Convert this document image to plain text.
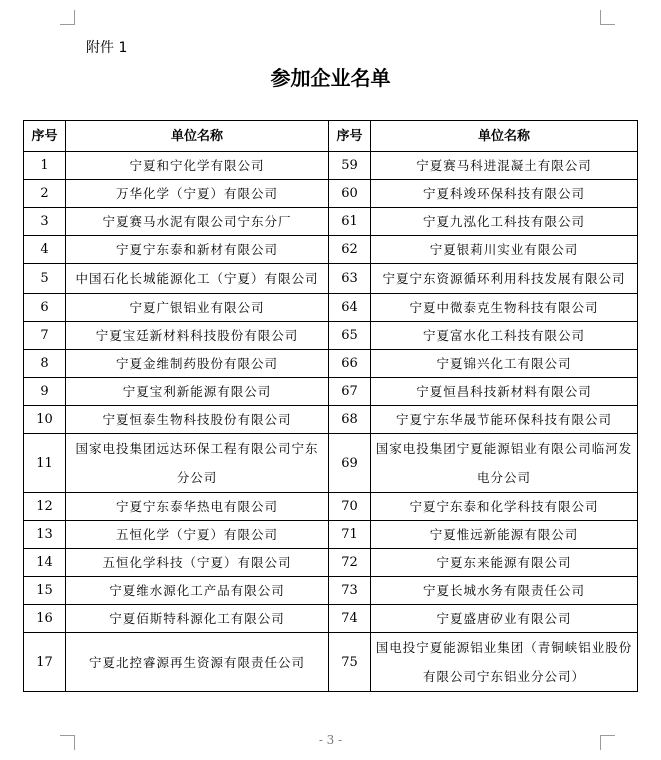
附件 1
参加企业名单
序号	单位名称	序号	单位名称
1	宁夏和宁化学有限公司	59	宁夏赛马科进混凝土有限公司
2	万华化学（宁夏）有限公司	60	宁夏科竣环保科技有限公司
3	宁夏赛马水泥有限公司宁东分厂	61	宁夏九泓化工科技有限公司
4	宁夏宁东泰和新材有限公司	62	宁夏银莉川实业有限公司
5	中国石化长城能源化工（宁夏）有限公司	63	宁夏宁东资源循环利用科技发展有限公司
6	宁夏广银铝业有限公司	64	宁夏中微泰克生物科技有限公司
7	宁夏宝廷新材料科技股份有限公司	65	宁夏富水化工科技有限公司
8	宁夏金维制药股份有限公司	66	宁夏锦兴化工有限公司
9	宁夏宝利新能源有限公司	67	宁夏恒昌科技新材料有限公司
10	宁夏恒泰生物科技股份有限公司	68	宁夏宁东华晟节能环保科技有限公司
11	国家电投集团远达环保工程有限公司宁东分公司	69	国家电投集团宁夏能源铝业有限公司临河发电分公司
12	宁夏宁东泰华热电有限公司	70	宁夏宁东泰和化学科技有限公司
13	五恒化学（宁夏）有限公司	71	宁夏惟远新能源有限公司
14	五恒化学科技（宁夏）有限公司	72	宁夏东来能源有限公司
15	宁夏维水源化工产品有限公司	73	宁夏长城水务有限责任公司
16	宁夏佰斯特科源化工有限公司	74	宁夏盛唐矽业有限公司
17	宁夏北控睿源再生资源有限责任公司	75	国电投宁夏能源铝业集团（青铜峡铝业股份有限公司宁东铝业分公司）
- 3 -
